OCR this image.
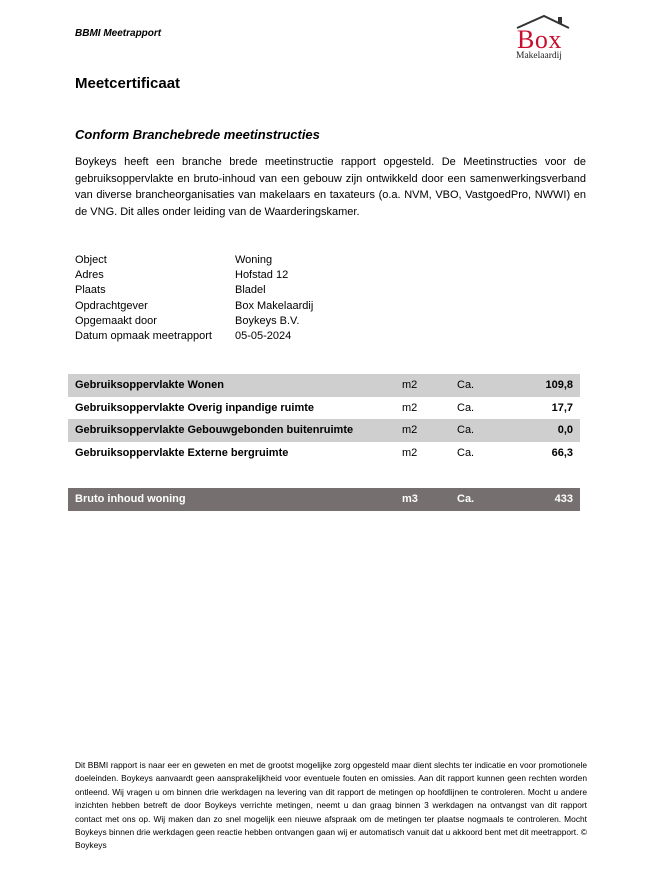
BBMI Meetrapport	Box
Makelaardij
Meetcertificaat
Conform Branchebrede meetinstructies

Boykeys heeft een branche brede meetinstructie rapport opgesteld. De Meetinstructies voor de gebruiksoppervlakte en bruto-inhoud van een gebouw zijn ontwikkeld door een samenwerkingsverband van diverse brancheorganisaties van makelaars en taxateurs (o.a. NVM, VBO, VastgoedPro, NWWI) en de VNG. Dit alles onder leiding van de Waarderingskamer.

Object	Woning
Adres	Hofstad 12
Plaats	Bladel
Opdrachtgever	Box Makelaardij
Opgemaakt door	Boykeys B.V.
Datum opmaak meetrapport 05-05-2024
Gebruiksoppervlakte Wonen	m2	Ca.	109,8
Gebruiksoppervlakte Overig inpandige ruimte	m2	Ca.	17,7
Gebruiksoppervlakte Gebouwgebonden buitenruimte	m2	Ca.	0,0
Gebruiksoppervlakte Externe bergruimte	m2	Ca.	66,3
Bruto inhoud woning	m3	Ca.	433

Dit BBMI rapport is naar eer en geweten en met de grootst mogelijke zorg opgesteld maar dient slechts ter indicatie en voor promotionele doeleinden. Boykeys aanvaardt geen aansprakelijkheid voor eventuele fouten en omissies. Aan dit rapport kunnen geen rechten worden ontleend. Wij vragen u om binnen drie werkdagen na levering van dit rapport de metingen op hoofdlijnen te controleren. Mocht u andere inzichten hebben betreft de door Boykeys verrichte metingen, neemt u dan graag binnen 3 werkdagen na ontvangst van dit rapport contact met ons op. Wij maken dan zo snel mogelijk een nieuwe afspraak om de metingen ter plaatse nogmaals te controleren. Mocht Boykeys binnen drie werkdagen geen reactie hebben ontvangen gaan wij er automatisch vanuit dat u akkoord bent met dit meetrapport. © Boykeys
